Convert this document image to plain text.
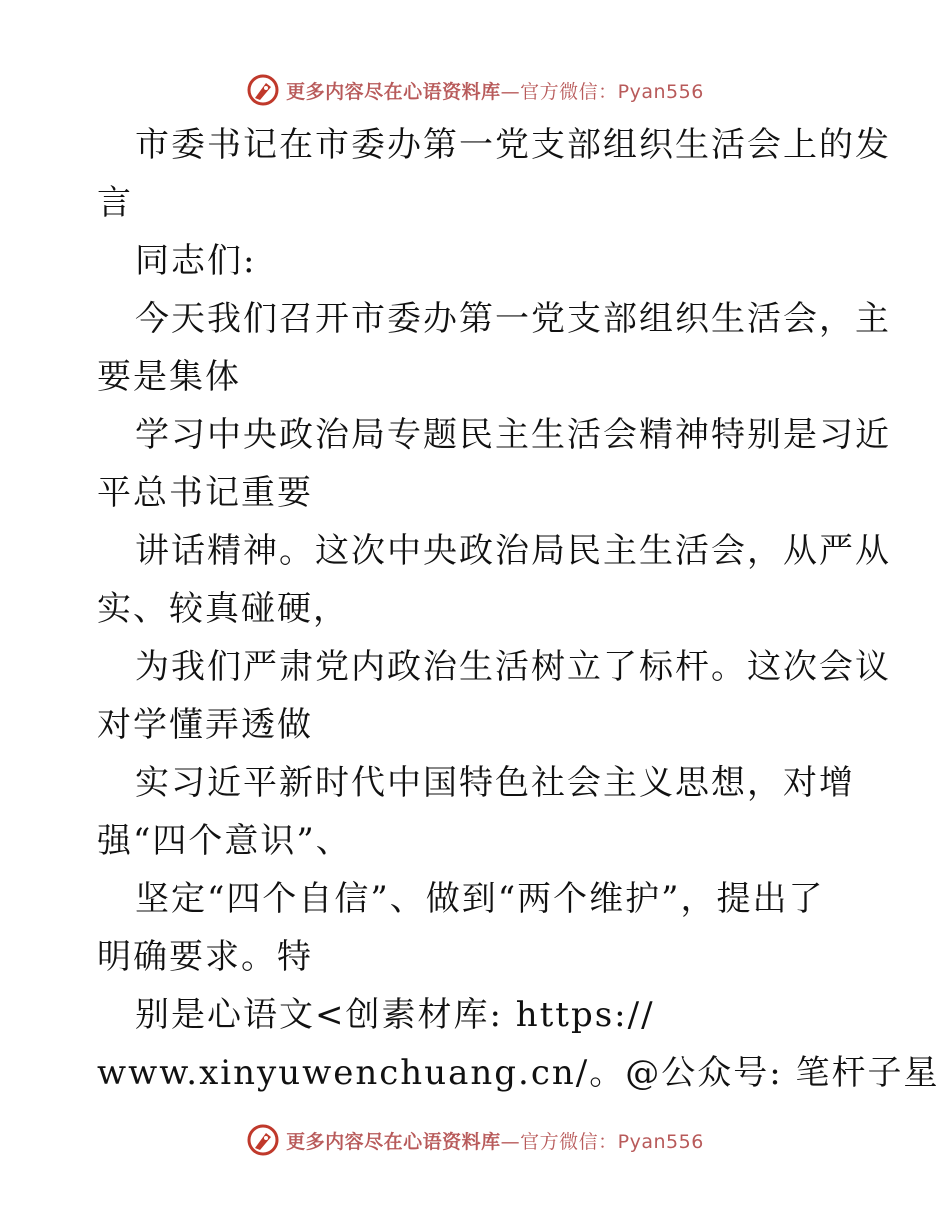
更多内容尽在心语资料库—官方微信：Pyan556
市委书记在市委办第一党支部组织生活会上的发
言
同志们:
今天我们召开市委办第一党支部组织生活会，主
要是集体
学习中央政治局专题民主生活会精神特别是习近
平总书记重要
讲话精神。这次中央政治局民主生活会，从严从
实、较真碰硬，
为我们严肃党内政治生活树立了标杆。这次会议
对学懂弄透做
实习近平新时代中国特色社会主义思想，对增
强“四个意识”、
坚定“四个自信”、做到“两个维护”，提出了
明确要求。特
别是心语文<创素材库: https://
www.xinyuwenchuang.cn/。@公众号: 笔杆子星
更多内容尽在心语资料库—官方微信：Pyan556
